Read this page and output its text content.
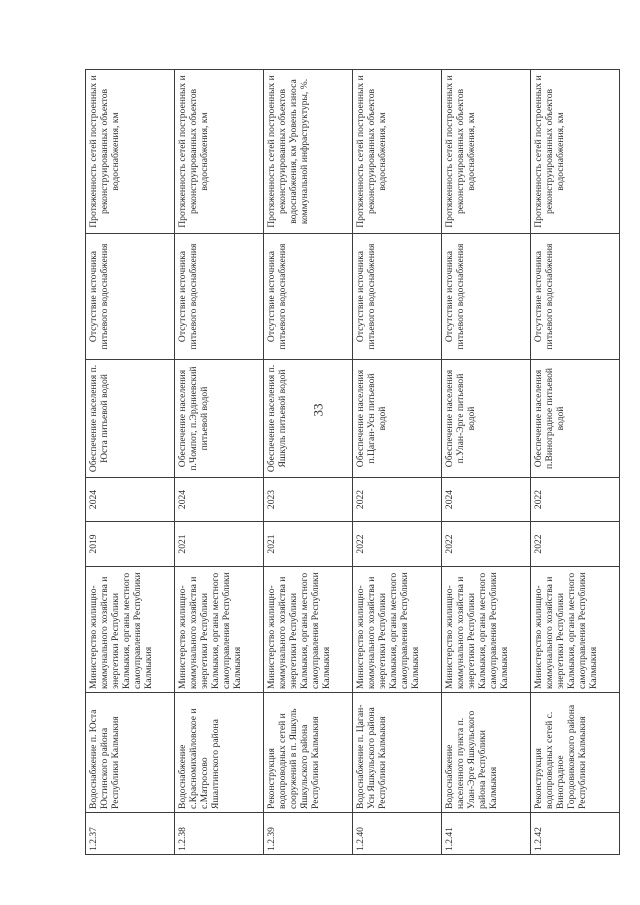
33
1.2.37	Водоснабжение п. Юста Юстинского района Республики Калмыкия	Министерство жилищно-коммунального хозяйства и энергетики Республики Калмыкия, органы местного самоуправления Республики Калмыкия	2019	2024	Обеспечение населения п. Юста питьевой водой	Отсутствие источника питьевого водоснабжения	Протяженность сетей построенных и реконструированных объектов водоснабжения, км
1.2.38	Водоснабжение с.Красномихайловское и с.Матросово Яшалтинского района	Министерство жилищно-коммунального хозяйства и энергетики Республики Калмыкия, органы местного самоуправления Республики Калмыкия	2021	2024	Обеспечение населения п.Чомпот, п.Эрдниевский питьевой водой	Отсутствие источника питьевого водоснабжения	Протяженность сетей построенных и реконструированных объектов водоснабжения, км
1.2.39	Реконструкция водопроводных сетей и сооружений в п. Яшкуль Яшкульского района Республики Калмыкия	Министерство жилищно-коммунального хозяйства и энергетики Республики Калмыкия, органы местного самоуправления Республики Калмыкия	2021	2023	Обеспечение населения п. Яшкуль питьевой водой	Отсутствие источника питьевого водоснабжения	Протяженность сетей построенных и реконструированных объектов водоснабжения, км Уровень износа коммунальной инфраструктуры, %.
1.2.40	Водоснабжение п. Цаган-Усн Яшкульского района Республики Калмыкия	Министерство жилищно-коммунального хозяйства и энергетики Республики Калмыкия, органы местного самоуправления Республики Калмыкия	2022	2022	Обеспечение населения п.Цаган-Усн питьевой водой	Отсутствие источника питьевого водоснабжения	Протяженность сетей построенных и реконструированных объектов водоснабжения, км
1.2.41	Водоснабжение населенного пункта п. Улан-Эрге Яшкульского района Республики Калмыкия	Министерство жилищно-коммунального хозяйства и энергетики Республики Калмыкия, органы местного самоуправления Республики Калмыкия	2022	2024	Обеспечение населения п.Улан-Эрге питьевой водой	Отсутствие источника питьевого водоснабжения	Протяженность сетей построенных и реконструированных объектов водоснабжения, км
1.2.42	Реконструкция водопроводных сетей с. Виноградное Городовиковского района Республики Калмыкия	Министерство жилищно-коммунального хозяйства и энергетики Республики Калмыкия, органы местного самоуправления Республики Калмыкия	2022	2022	Обеспечение населения п.Виноградное питьевой водой	Отсутствие источника питьевого водоснабжения	Протяженность сетей построенных и реконструированных объектов водоснабжения, км
